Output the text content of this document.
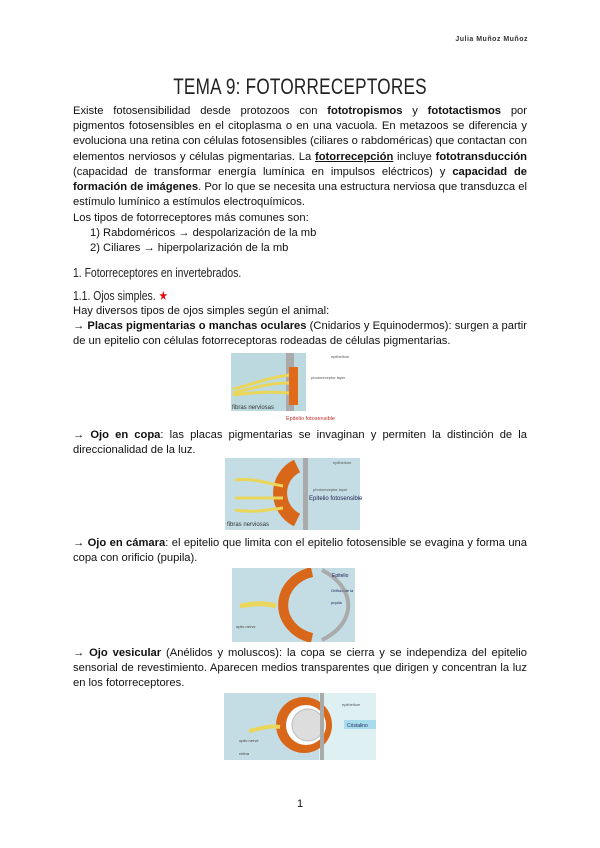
Julia Muñoz Muñoz
TEMA 9: FOTORRECEPTORES
Existe fotosensibilidad desde protozoos con fototropismos y fototactismos por pigmentos fotosensibles en el citoplasma o en una vacuola. En metazoos se diferencia y evoluciona una retina con células fotosensibles (ciliares o rabdoméricas) que contactan con elementos nerviosos y células pigmentarias. La fotorrecepción incluye fototransducción (capacidad de transformar energía lumínica en impulsos eléctricos) y capacidad de formación de imágenes. Por lo que se necesita una estructura nerviosa que transduzca el estímulo lumínico a estímulos electroquímicos.
Los tipos de fotorreceptores más comunes son:
1) Rabdoméricos → despolarización de la mb
2) Ciliares → hiperpolarización de la mb
1. Fotorreceptores en invertebrados.
1.1. Ojos simples. ★
Hay diversos tipos de ojos simples según el animal:
→ Placas pigmentarias o manchas oculares (Cnidarios y Equinodermos): surgen a partir de un epitelio con células fotorreceptoras rodeadas de células pigmentarias.
epithelium
photoreceptor layer
fibras nerviosas
Epitelio fotosensible
→ Ojo en copa: las placas pigmentarias se invaginan y permiten la distinción de la direccionalidad de la luz.
epithelium
photoreceptor layer
Epitelio fotosensible
fibras nerviosas
→ Ojo en cámara: el epitelio que limita con el epitelio fotosensible se evagina y forma una copa con orificio (pupila).
Epitelio
Orificio de la
pupila
optic nerve
→ Ojo vesicular (Anélidos y moluscos): la copa se cierra y se independiza del epitelio sensorial de revestimiento. Aparecen medios transparentes que dirigen y concentran la luz en los fotorreceptores.
epithelium
Cristalino
optic nerve
retina
1
